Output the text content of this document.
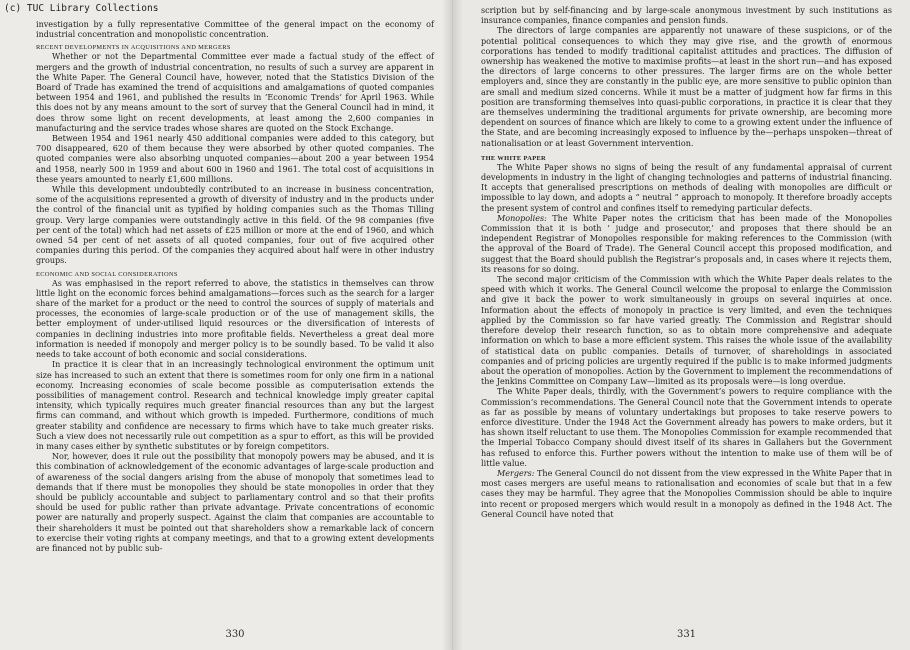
investigation by a fully representative Committee of the general impact on the economy of industrial concentration and monopolistic concentration.

RECENT DEVELOPMENTS IN ACQUISITIONS AND MERGERS

Whether or not the Departmental Committee ever made a factual study of the effect of mergers and the growth of industrial concentration, no results of such a survey are apparent in the White Paper. The General Council have, however, noted that the Statistics Division of the Board of Trade has examined the trend of acquisitions and amalgamations of quoted companies between 1954 and 1961, and published the results in ‘Economic Trends’ for April 1963. While this does not by any means amount to the sort of survey that the General Council had in mind, it does throw some light on recent developments, at least among the 2,600 companies in manufacturing and the service trades whose shares are quoted on the Stock Exchange.

Between 1954 and 1961 nearly 450 additional companies were added to this category, but 700 disappeared, 620 of them because they were absorbed by other quoted companies. The quoted companies were also absorbing unquoted companies—about 200 a year between 1954 and 1958, nearly 500 in 1959 and about 600 in 1960 and 1961. The total cost of acquisitions in these years amounted to nearly £1,600 millions.

While this development undoubtedly contributed to an increase in business concentration, some of the acquisitions represented a growth of diversity of industry and in the products under the control of the financial unit as typified by holding companies such as the Thomas Tilling group. Very large companies were outstandingly active in this field. Of the 98 companies (five per cent of the total) which had net assets of £25 million or more at the end of 1960, and which owned 54 per cent of net assets of all quoted companies, four out of five acquired other companies during this period. Of the companies they acquired about half were in other industry groups.

ECONOMIC AND SOCIAL CONSIDERATIONS

As was emphasised in the report referred to above, the statistics in themselves can throw little light on the economic forces behind amalgamations—forces such as the search for a larger share of the market for a product or the need to control the sources of supply of materials and processes, the economies of large-scale production or of the use of management skills, the better employment of under-utilised liquid resources or the diversification of interests of companies in declining industries into more profitable fields. Nevertheless a great deal more information is needed if monopoly and merger policy is to be soundly based. To be valid it also needs to take account of both economic and social considerations.

In practice it is clear that in an increasingly technological environment the optimum unit size has increased to such an extent that there is sometimes room for only one firm in a national economy. Increasing economies of scale become possible as computerisation extends the possibilities of management control. Research and technical knowledge imply greater capital intensity, which typically requires much greater financial resources than any but the largest firms can command, and without which growth is impeded. Furthermore, conditions of much greater stability and confidence are necessary to firms which have to take much greater risks. Such a view does not necessarily rule out competition as a spur to effort, as this will be provided in many cases either by synthetic substitutes or by foreign competitors.

Nor, however, does it rule out the possibility that monopoly powers may be abused, and it is this combination of acknowledgement of the economic advantages of large-scale production and of awareness of the social dangers arising from the abuse of monopoly that sometimes lead to demands that if there must be monopolies they should be state monopolies in order that they should be publicly accountable and subject to parliamentary control and so that their profits should be used for public rather than private advantage. Private concentrations of economic power are naturally and properly suspect. Against the claim that companies are accountable to their shareholders it must be pointed out that shareholders show a remarkable lack of concern to exercise their voting rights at company meetings, and that to a growing extent developments are financed not by public sub-

330

scription but by self-financing and by large-scale anonymous investment by such institutions as insurance companies, finance companies and pension funds.

The directors of large companies are apparently not unaware of these suspicions, or of the potential political consequences to which they may give rise, and the growth of enormous corporations has tended to modify traditional capitalist attitudes and practices. The diffusion of ownership has weakened the motive to maximise profits—at least in the short run—and has exposed the directors of large concerns to other pressures. The larger firms are on the whole better employers and, since they are constantly in the public eye, are more sensitive to public opinion than are small and medium sized concerns. While it must be a matter of judgment how far firms in this position are transforming themselves into quasi-public corporations, in practice it is clear that they are themselves undermining the traditional arguments for private ownership, are becoming more dependent on sources of finance which are likely to come to a growing extent under the influence of the State, and are becoming increasingly exposed to influence by the—perhaps unspoken—threat of nationalisation or at least Government intervention.

THE WHITE PAPER

The White Paper shows no signs of being the result of any fundamental appraisal of current developments in industry in the light of changing technologies and patterns of industrial financing. It accepts that generalised prescriptions on methods of dealing with monopolies are difficult or impossible to lay down, and adopts a “ neutral ” approach to monopoly. It therefore broadly accepts the present system of control and confines itself to remedying particular defects.

Monopolies: The White Paper notes the criticism that has been made of the Monopolies Commission that it is both ‘ judge and prosecutor,’ and proposes that there should be an independent Registrar of Monopolies responsible for making references to the Commission (with the approval of the Board of Trade). The General Council accept this proposed modification, and suggest that the Board should publish the Registrar’s proposals and, in cases where it rejects them, its reasons for so doing.

The second major criticism of the Commission with which the White Paper deals relates to the speed with which it works. The General Council welcome the proposal to enlarge the Commission and give it back the power to work simultaneously in groups on several inquiries at once. Information about the effects of monopoly in practice is very limited, and even the techniques applied by the Commission so far have varied greatly. The Commission and Registrar should therefore develop their research function, so as to obtain more comprehensive and adequate information on which to base a more efficient system. This raises the whole issue of the availability of statistical data on public companies. Details of turnover, of shareholdings in associated companies and of pricing policies are urgently required if the public is to make informed judgments about the operation of monopolies. Action by the Government to implement the recommendations of the Jenkins Committee on Company Law—limited as its proposals were—is long overdue.

The White Paper deals, thirdly, with the Government’s powers to require compliance with the Commission’s recommendations. The General Council note that the Government intends to operate as far as possible by means of voluntary undertakings but proposes to take reserve powers to enforce divestiture. Under the 1948 Act the Government already has powers to make orders, but it has shown itself reluctant to use them. The Monopolies Commission for example recommended that the Imperial Tobacco Company should divest itself of its shares in Gallahers but the Government has refused to enforce this. Further powers without the intention to make use of them will be of little value.

Mergers: The General Council do not dissent from the view expressed in the White Paper that in most cases mergers are useful means to rationalisation and economies of scale but that in a few cases they may be harmful. They agree that the Monopolies Commission should be able to inquire into recent or proposed mergers which would result in a monopoly as defined in the 1948 Act. The General Council have noted that

331
(c) TUC Library Collections
